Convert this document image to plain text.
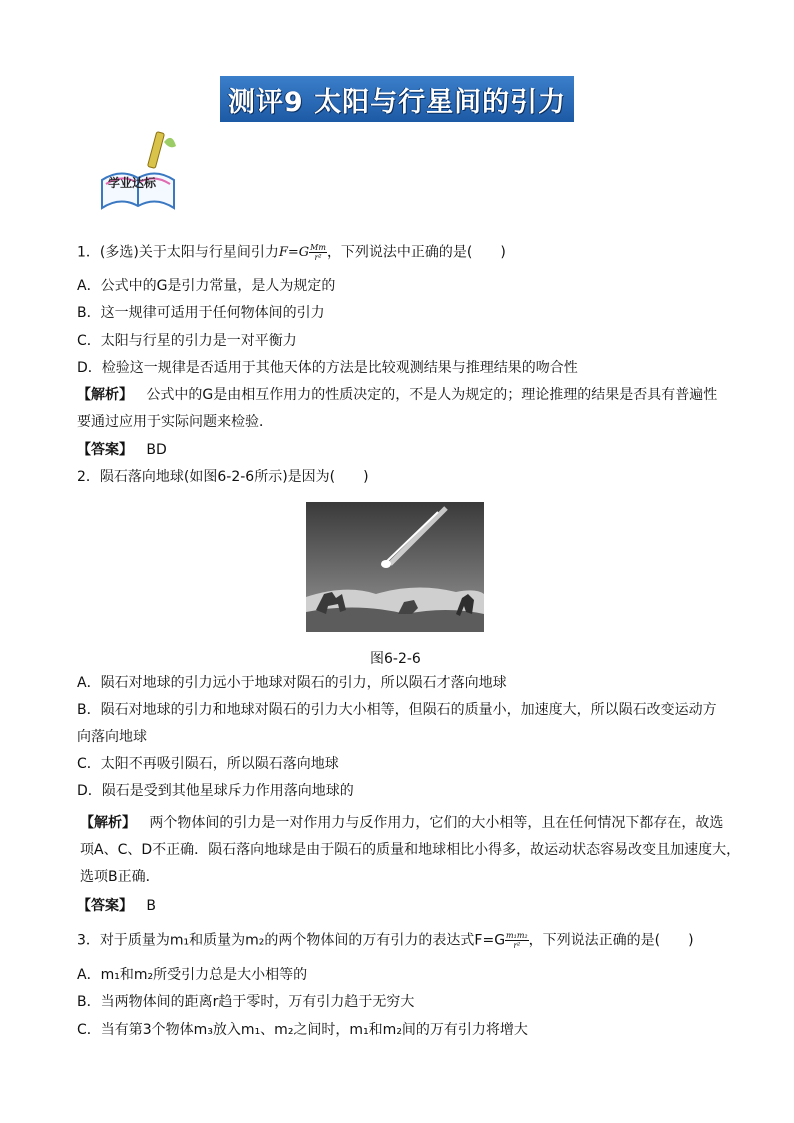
测评9 太阳与行星间的引力
学业达标
1．(多选)关于太阳与行星间引力$F=G \frac{Mm}{\text{r²}}$ ，下列说法中正确的是( )
A．公式中的G是引力常量，是人为规定的
B．这一规律可适用于任何物体间的引力
C．太阳与行星的引力是一对平衡力
D．检验这一规律是否适用于其他天体的方法是比较观测结果与推理结果的吻合性
【解析】 公式中的G是由相互作用力的性质决定的，不是人为规定的；理论推理的结果是否具有普遍性
要通过应用于实际问题来检验．
【答案】 BD
2．陨石落向地球(如图6-2-6所示)是因为( )
图6-2-6
A．陨石对地球的引力远小于地球对陨石的引力，所以陨石才落向地球
B．陨石对地球的引力和地球对陨石的引力大小相等，但陨石的质量小，加速度大，所以陨石改变运动方
向落向地球
C．太阳不再吸引陨石，所以陨石落向地球
D．陨石是受到其他星球斥力作用落向地球的
【解析】 两个物体间的引力是一对作用力与反作用力，它们的大小相等，且在任何情况下都存在，故选
项A、C、D不正确．陨石落向地球是由于陨石的质量和地球相比小得多，故运动状态容易改变且加速度大，
选项B正确．
【答案】 B
3．对于质量为m₁和质量为m₂的两个物体间的万有引力的表达式$F=G \frac{\text{m₁m₂}}{\text{r²}}$ ，下列说法正确的是( )
A．m₁和m₂所受引力总是大小相等的
B．当两物体间的距离r趋于零时，万有引力趋于无穷大
C．当有第3个物体m₃放入m₁、m₂之间时，m₁和m₂间的万有引力将增大
